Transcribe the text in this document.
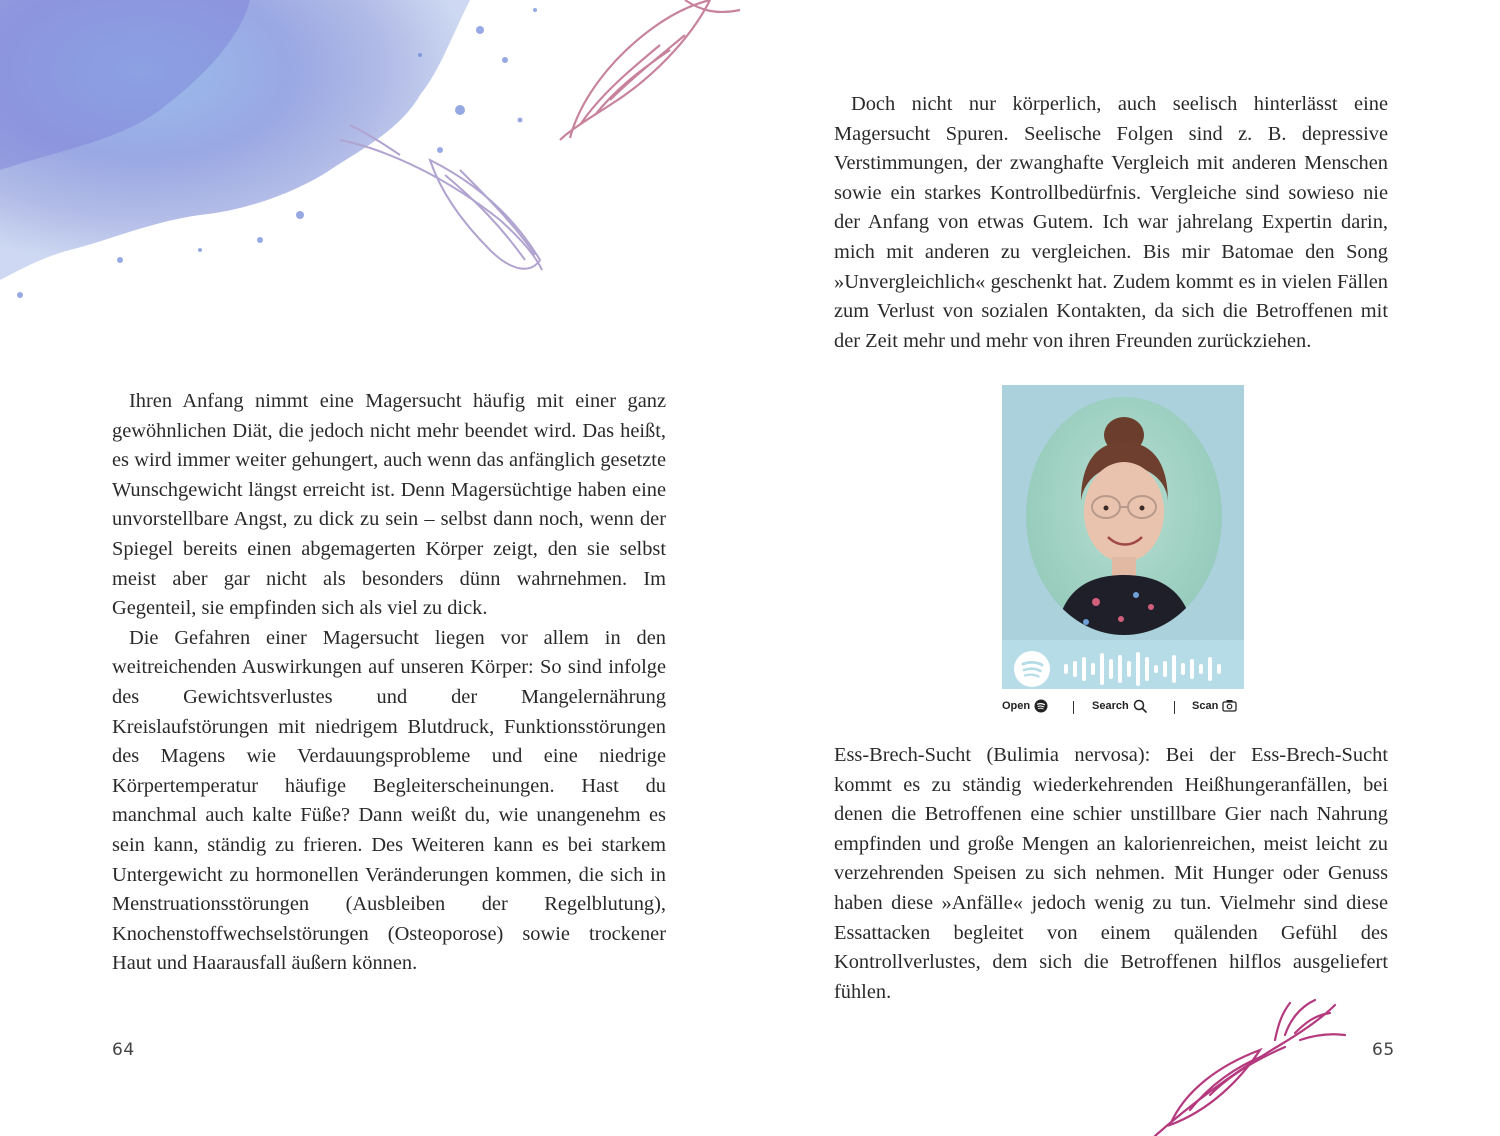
Ihren Anfang nimmt eine Magersucht häufig mit einer ganz gewöhnlichen Diät, die jedoch nicht mehr beendet wird. Das heißt, es wird immer weiter gehungert, auch wenn das anfänglich gesetzte Wunschgewicht längst erreicht ist. Denn Magersüchtige haben eine unvorstellbare Angst, zu dick zu sein – selbst dann noch, wenn der Spiegel bereits einen abgemagerten Körper zeigt, den sie selbst meist aber gar nicht als besonders dünn wahrnehmen. Im Gegenteil, sie empfinden sich als viel zu dick.

Die Gefahren einer Magersucht liegen vor allem in den weitreichenden Auswirkungen auf unseren Körper: So sind infolge des Gewichtsverlustes und der Mangelernährung Kreislaufstörungen mit niedrigem Blutdruck, Funktionsstörungen des Magens wie Verdauungsprobleme und eine niedrige Körpertemperatur häufige Begleiterscheinungen. Hast du manchmal auch kalte Füße? Dann weißt du, wie unangenehm es sein kann, ständig zu frieren. Des Weiteren kann es bei starkem Untergewicht zu hormonellen Veränderungen kommen, die sich in Menstruationsstörungen (Ausbleiben der Regelblutung), Knochenstoffwechselstörungen (Osteoporose) sowie trockener Haut und Haarausfall äußern können.

64

Doch nicht nur körperlich, auch seelisch hinterlässt eine Magersucht Spuren. Seelische Folgen sind z. B. depressive Verstimmungen, der zwanghafte Vergleich mit anderen Menschen sowie ein starkes Kontrollbedürfnis. Vergleiche sind sowieso nie der Anfang von etwas Gutem. Ich war jahrelang Expertin darin, mich mit anderen zu vergleichen. Bis mir Batomae den Song »Unvergleichlich« geschenkt hat. Zudem kommt es in vielen Fällen zum Verlust von sozialen Kontakten, da sich die Betroffenen mit der Zeit mehr und mehr von ihren Freunden zurückziehen.

Open	Search	Scan

Ess-Brech-Sucht (Bulimia nervosa): Bei der Ess-Brech-Sucht kommt es zu ständig wiederkehrenden Heißhungeranfällen, bei denen die Betroffenen eine schier unstillbare Gier nach Nahrung empfinden und große Mengen an kalorienreichen, meist leicht zu verzehrenden Speisen zu sich nehmen. Mit Hunger oder Genuss haben diese »Anfälle« jedoch wenig zu tun. Vielmehr sind diese Essattacken begleitet von einem quälenden Gefühl des Kontrollverlustes, dem sich die Betroffenen hilflos ausgeliefert fühlen.

65
